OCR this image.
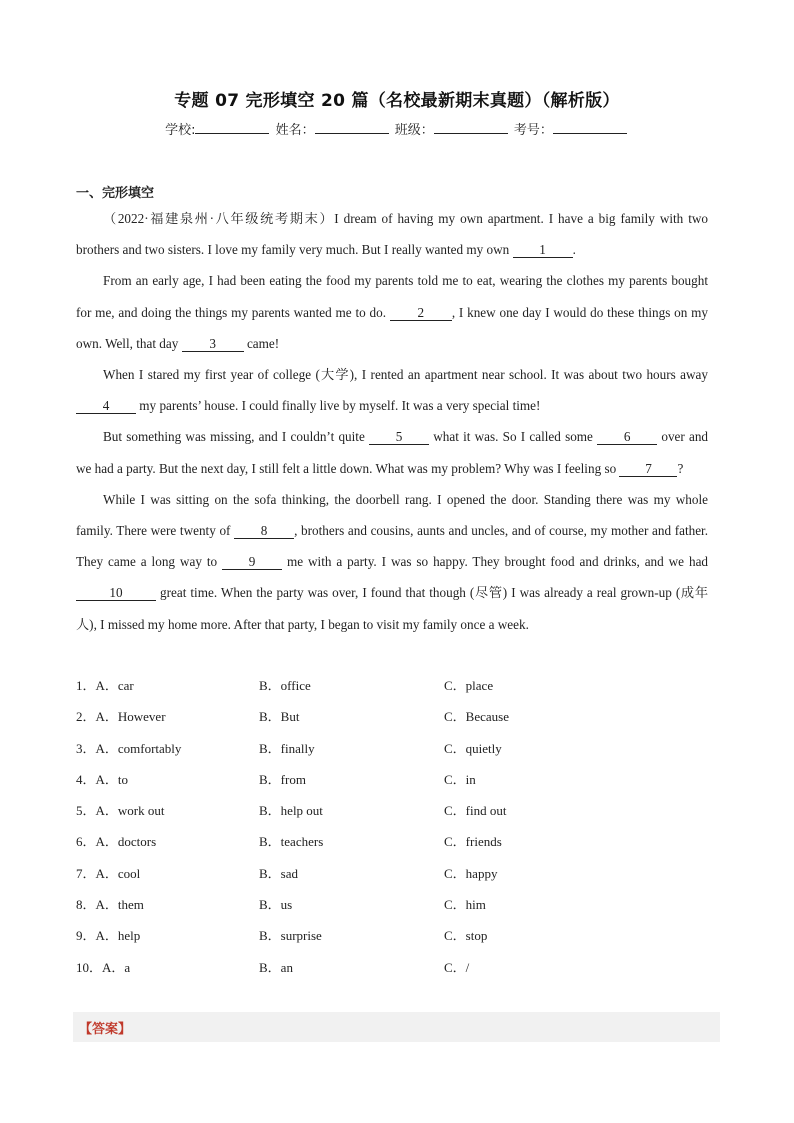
专题 07 完形填空 20 篇（名校最新期末真题）（解析版）
学校:	姓名：	班级：	考号：
一、完形填空

（2022·福建泉州·八年级统考期末）I dream of having my own apartment. I have a big family with two brothers and two sisters. I love my family very much. But I really wanted my own 1 .

From an early age, I had been eating the food my parents told me to eat, wearing the clothes my parents bought for me, and doing the things my parents wanted me to do. 2 , I knew one day I would do these things on my own. Well, that day 3 came!

When I stared my first year of college (大学), I rented an apartment near school. It was about two hours away 4 my parents’ house. I could finally live by myself. It was a very special time!

But something was missing, and I couldn’t quite 5 what it was. So I called some 6 over and we had a party. But the next day, I still felt a little down. What was my problem? Why was I feeling so 7 ?

While I was sitting on the sofa thinking, the doorbell rang. I opened the door. Standing there was my whole family. There were twenty of 8 , brothers and cousins, aunts and uncles, and of course, my mother and father. They came a long way to 9 me with a party. I was so happy. They brought food and drinks, and we had 10	great time. When the party was over, I found that though (尽管) I was already a real grown-up (成年人), I missed my home more. After that party, I began to visit my family once a week.

1．A．car	B．office	C．place
2．A．However	B．But	C．Because
3．A．comfortably	B．finally	C．quietly
4．A．to	B．from	C．in
5．A．work out	B．help out	C．find out
6．A．doctors	B．teachers	C．friends
7．A．cool	B．sad	C．happy
8．A．them	B．us	C．him
9．A．help	B．surprise	C．stop
10．A．a	B．an	C．/
【答案】
